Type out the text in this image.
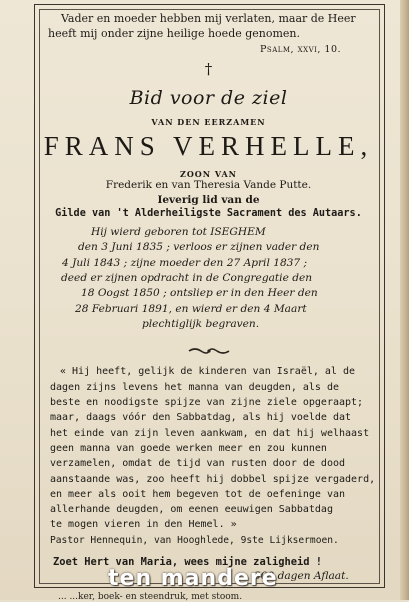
Vader en moeder hebben mij verlaten, maar de Heer
heeft mij onder zijne heilige hoede genomen.
Psalm, xxvi, 10.
†
Bid voor de ziel
VAN DEN EERZAMEN
FRANS VERHELLE,
ZOON VAN
Frederik en van Theresia Vande Putte.
Ieverig lid van de
Gilde van 't Alderheiligste Sacrament des Autaars.
Hij wierd geboren tot ISEGHEM
den 3 Juni 1835 ; verloos er zijnen vader den
4 Juli 1843 ; zijne moeder den 27 April 1837 ;
deed er zijnen opdracht in de Congregatie den
18 Oogst 1850 ; ontsliep er in den Heer den
28 Februari 1891, en wierd er den 4 Maart
plechtiglijk begraven.
« Hij heeft, gelijk de kinderen van Israël, al de
dagen zijns levens het manna van deugden, als de
beste en noodigste spijze van zijne ziele opgeraapt;
maar, daags vóór den Sabbatdag, als hij voelde dat
het einde van zijn leven aankwam, en dat hij welhaast
geen manna van goede werken meer en zou kunnen
verzamelen, omdat de tijd van rusten door de dood
aanstaande was, zoo heeft hij dobbel spijze vergaderd,
en meer als ooit hem begeven tot de oefeninge van
allerhande deugden, om eenen eeuwigen Sabbatdag
te mogen vieren in den Hemel. »
Pastor Hennequin, van Hooghlede, 9ste Lijksermoen.
Zoet Hert van Maria, wees mijne zaligheid !
300 dagen Aflaat.
ten mandere
... ...ker, boek- en steendruk, met stoom.
